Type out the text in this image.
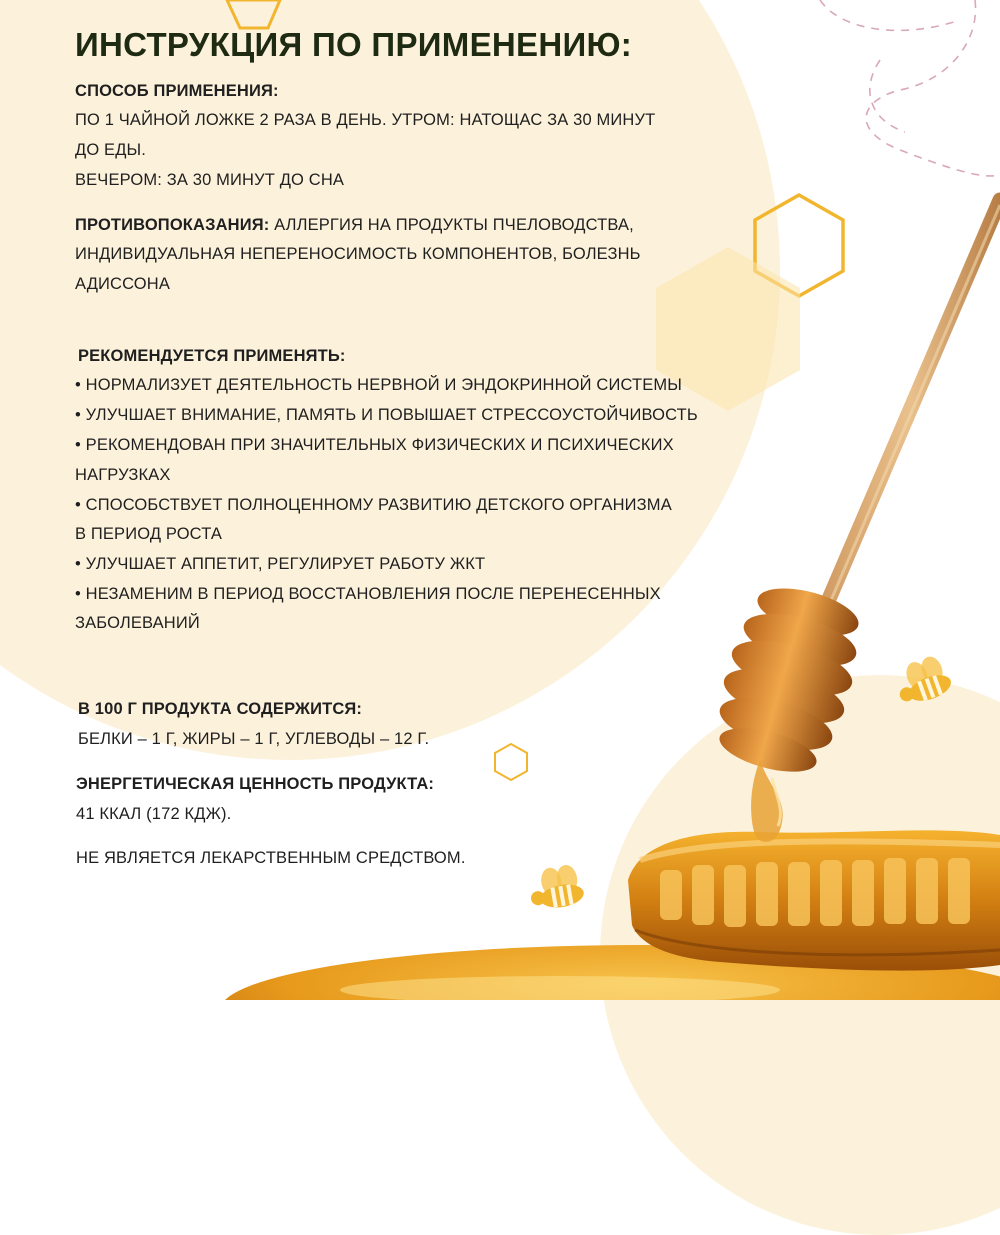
ИНСТРУКЦИЯ ПО ПРИМЕНЕНИЮ:

СПОСОБ ПРИМЕНЕНИЯ:

ПО 1 ЧАЙНОЙ ЛОЖКЕ 2 РАЗА В ДЕНЬ. УТРОМ: НАТОЩАС ЗА 30 МИНУТ

ДО ЕДЫ.

ВЕЧЕРОМ: ЗА 30 МИНУТ ДО СНА

ПРОТИВОПОКАЗАНИЯ: АЛЛЕРГИЯ НА ПРОДУКТЫ ПЧЕЛОВОДСТВА,

ИНДИВИДУАЛЬНАЯ НЕПЕРЕНОСИМОСТЬ КОМПОНЕНТОВ, БОЛЕЗНЬ

АДИССОНА

РЕКОМЕНДУЕТСЯ ПРИМЕНЯТЬ:

• НОРМАЛИЗУЕТ ДЕЯТЕЛЬНОСТЬ НЕРВНОЙ И ЭНДОКРИННОЙ СИСТЕМЫ

• УЛУЧШАЕТ ВНИМАНИЕ, ПАМЯТЬ И ПОВЫШАЕТ СТРЕССОУСТОЙЧИВОСТЬ

• РЕКОМЕНДОВАН ПРИ ЗНАЧИТЕЛЬНЫХ ФИЗИЧЕСКИХ И ПСИХИЧЕСКИХ

НАГРУЗКАХ

• СПОСОБСТВУЕТ ПОЛНОЦЕННОМУ РАЗВИТИЮ ДЕТСКОГО ОРГАНИЗМА

В ПЕРИОД РОСТА

• УЛУЧШАЕТ АППЕТИТ, РЕГУЛИРУЕТ РАБОТУ ЖКТ

• НЕЗАМЕНИМ В ПЕРИОД ВОССТАНОВЛЕНИЯ ПОСЛЕ ПЕРЕНЕСЕННЫХ

ЗАБОЛЕВАНИЙ

В 100 Г ПРОДУКТА СОДЕРЖИТСЯ:

БЕЛКИ – 1 Г, ЖИРЫ – 1 Г, УГЛЕВОДЫ – 12 Г.

ЭНЕРГЕТИЧЕСКАЯ ЦЕННОСТЬ ПРОДУКТА:

41 ККАЛ (172 КДЖ).

НЕ ЯВЛЯЕТСЯ ЛЕКАРСТВЕННЫМ СРЕДСТВОМ.
